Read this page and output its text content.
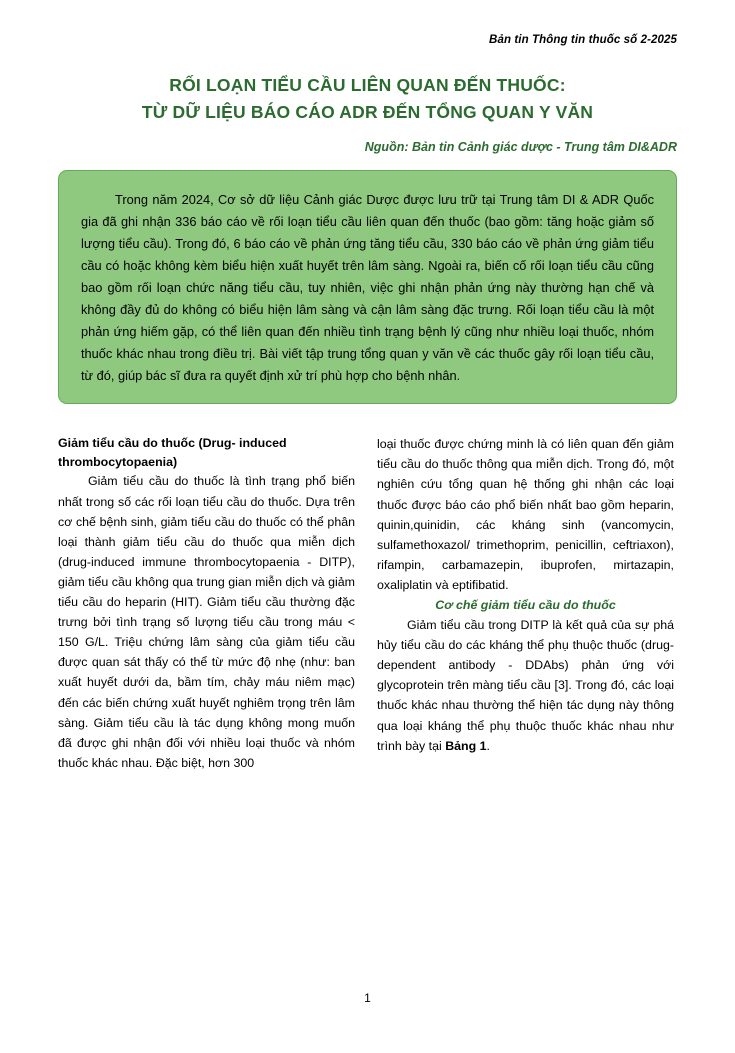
Bản tin Thông tin thuốc số 2-2025
RỐI LOẠN TIỂU CẦU LIÊN QUAN ĐẾN THUỐC:
TỪ DỮ LIỆU BÁO CÁO ADR ĐẾN TỔNG QUAN Y VĂN
Nguồn: Bản tin Cảnh giác dược - Trung tâm DI&ADR

Trong năm 2024, Cơ sở dữ liệu Cảnh giác Dược được lưu trữ tại Trung tâm DI & ADR Quốc gia đã ghi nhận 336 báo cáo về rối loạn tiểu cầu liên quan đến thuốc (bao gồm: tăng hoặc giảm số lượng tiểu cầu). Trong đó, 6 báo cáo về phản ứng tăng tiểu cầu, 330 báo cáo về phản ứng giảm tiểu cầu có hoặc không kèm biểu hiện xuất huyết trên lâm sàng. Ngoài ra, biến cố rối loạn tiểu cầu cũng bao gồm rối loạn chức năng tiểu cầu, tuy nhiên, việc ghi nhận phản ứng này thường hạn chế và không đầy đủ do không có biểu hiện lâm sàng và cận lâm sàng đặc trưng. Rối loạn tiểu cầu là một phản ứng hiếm gặp, có thể liên quan đến nhiều tình trạng bệnh lý cũng như nhiều loại thuốc, nhóm thuốc khác nhau trong điều trị. Bài viết tập trung tổng quan y văn về các thuốc gây rối loạn tiểu cầu, từ đó, giúp bác sĩ đưa ra quyết định xử trí phù hợp cho bệnh nhân.

Giảm tiểu cầu do thuốc (Drug- induced thrombocytopaenia)

Giảm tiểu cầu do thuốc là tình trạng phổ biến nhất trong số các rối loạn tiểu cầu do thuốc. Dựa trên cơ chế bệnh sinh, giảm tiểu cầu do thuốc có thể phân loại thành giảm tiểu cầu do thuốc qua miễn dịch (drug-induced immune thrombocytopaenia - DITP), giảm tiểu cầu không qua trung gian miễn dịch và giảm tiểu cầu do heparin (HIT). Giảm tiểu cầu thường đặc trưng bởi tình trạng số lượng tiểu cầu trong máu < 150 G/L. Triệu chứng lâm sàng của giảm tiểu cầu được quan sát thấy có thể từ mức độ nhẹ (như: ban xuất huyết dưới da, bầm tím, chảy máu niêm mạc) đến các biến chứng xuất huyết nghiêm trọng trên lâm sàng. Giảm tiểu cầu là tác dụng không mong muốn đã được ghi nhận đối với nhiều loại thuốc và nhóm thuốc khác nhau. Đặc biệt, hơn 300

loại thuốc được chứng minh là có liên quan đến giảm tiểu cầu do thuốc thông qua miễn dịch. Trong đó, một nghiên cứu tổng quan hệ thống ghi nhận các loại thuốc được báo cáo phổ biến nhất bao gồm heparin, quinin,quinidin, các kháng sinh (vancomycin, sulfamethoxazol/ trimethoprim, penicillin, ceftriaxon), rifampin, carbamazepin, ibuprofen, mirtazapin, oxaliplatin và eptifibatid.

Cơ chế giảm tiểu cầu do thuốc

Giảm tiểu cầu trong DITP là kết quả của sự phá hủy tiểu cầu do các kháng thể phụ thuộc thuốc (drug-dependent antibody - DDAbs) phản ứng với glycoprotein trên màng tiểu cầu [3]. Trong đó, các loại thuốc khác nhau thường thể hiện tác dụng này thông qua loại kháng thể phụ thuộc thuốc khác nhau như trình bày tại Bảng 1.

1
